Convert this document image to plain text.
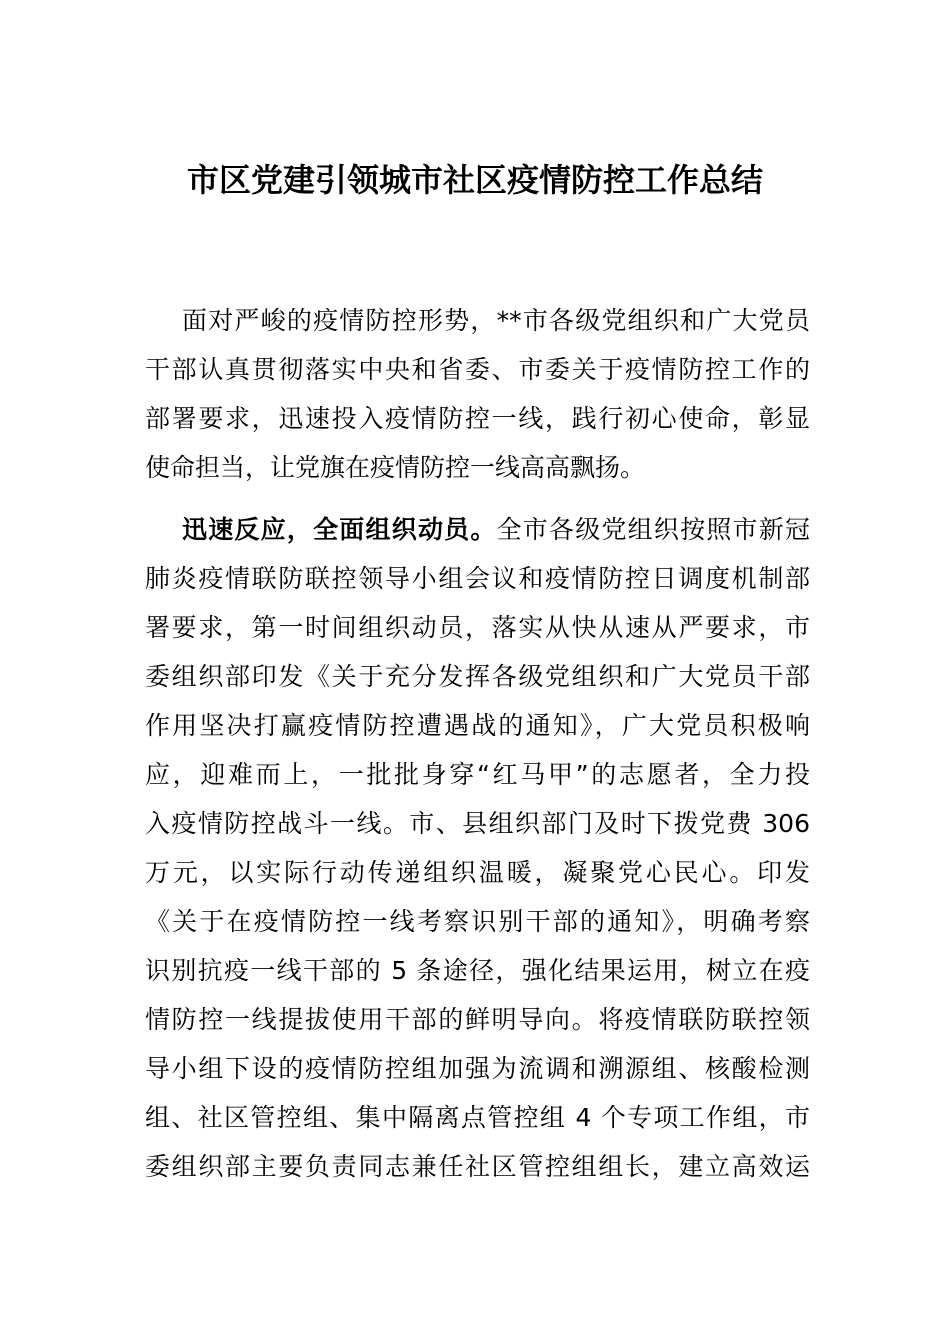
市区党建引领城市社区疫情防控工作总结
面对严峻的疫情防控形势，**市各级党组织和广大党员
干部认真贯彻落实中央和省委、市委关于疫情防控工作的
部署要求，迅速投入疫情防控一线，践行初心使命，彰显
使命担当，让党旗在疫情防控一线高高飘扬。
迅速反应，全面组织动员。全市各级党组织按照市新冠
肺炎疫情联防联控领导小组会议和疫情防控日调度机制部
署要求，第一时间组织动员，落实从快从速从严要求，市
委组织部印发《关于充分发挥各级党组织和广大党员干部
作用坚决打赢疫情防控遭遇战的通知》，广大党员积极响
应，迎难而上，一批批身穿“红马甲”的志愿者，全力投
入疫情防控战斗一线。市、县组织部门及时下拨党费 306
万元，以实际行动传递组织温暖，凝聚党心民心。印发
《关于在疫情防控一线考察识别干部的通知》，明确考察
识别抗疫一线干部的 5 条途径，强化结果运用，树立在疫
情防控一线提拔使用干部的鲜明导向。将疫情联防联控领
导小组下设的疫情防控组加强为流调和溯源组、核酸检测
组、社区管控组、集中隔离点管控组 4 个专项工作组，市
委组织部主要负责同志兼任社区管控组组长，建立高效运
